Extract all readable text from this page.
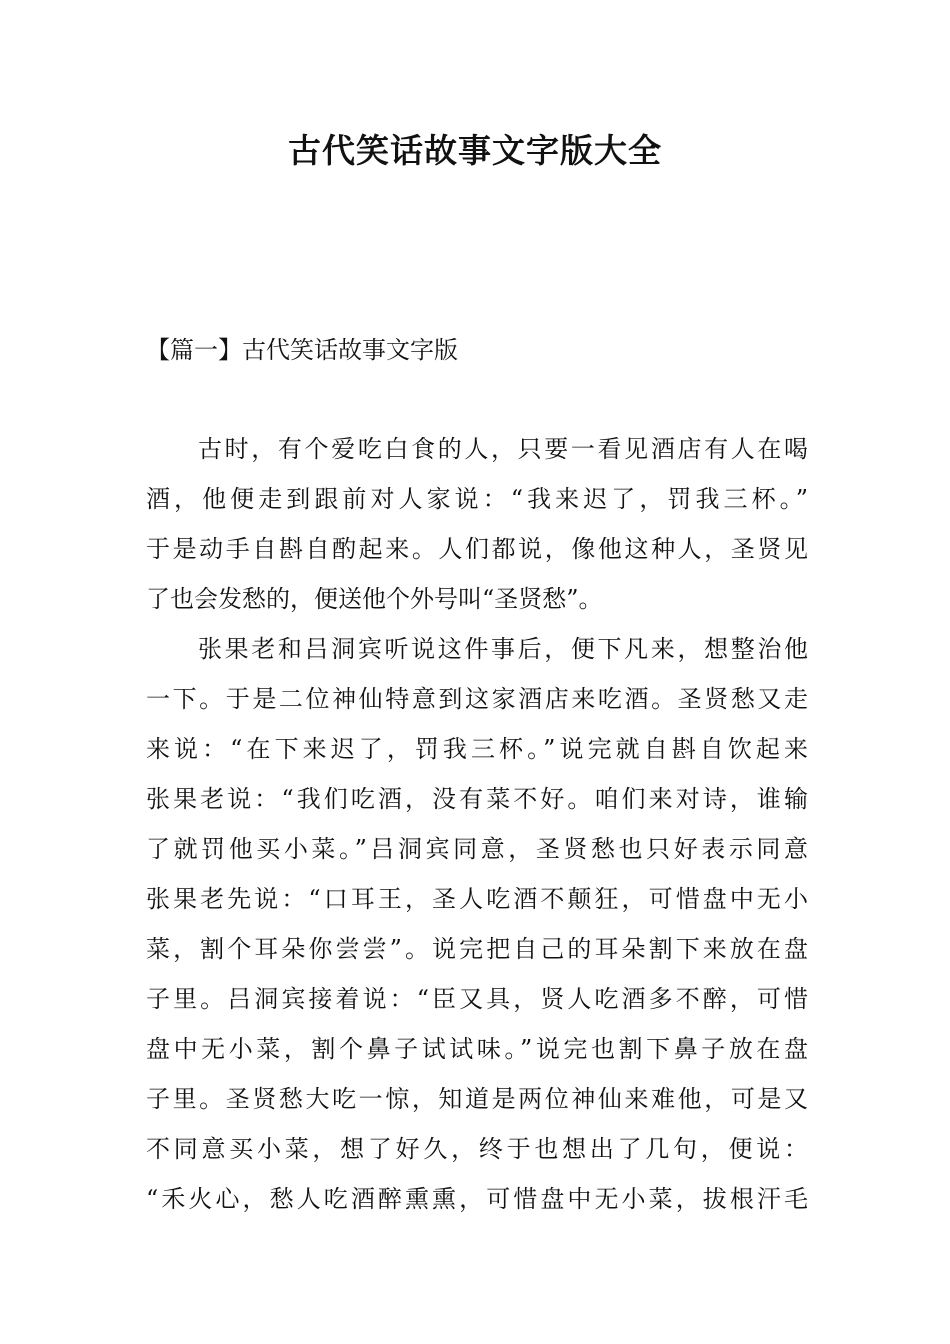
古代笑话故事文字版大全
【篇一】古代笑话故事文字版
古时，有个爱吃白食的人，只要一看见酒店有人在喝
酒，他便走到跟前对人家说：“我来迟了，罚我三杯。”
于是动手自斟自酌起来。人们都说，像他这种人，圣贤见
了也会发愁的，便送他个外号叫“圣贤愁”。
张果老和吕洞宾听说这件事后，便下凡来，想整治他
一下。于是二位神仙特意到这家酒店来吃酒。圣贤愁又走
来说：“在下来迟了，罚我三杯。”说完就自斟自饮起来
张果老说：“我们吃酒，没有菜不好。咱们来对诗，谁输
了就罚他买小菜。”吕洞宾同意，圣贤愁也只好表示同意
张果老先说：“口耳王，圣人吃酒不颠狂，可惜盘中无小
菜，割个耳朵你尝尝”。说完把自己的耳朵割下来放在盘
子里。吕洞宾接着说：“臣又具，贤人吃酒多不醉，可惜
盘中无小菜，割个鼻子试试味。”说完也割下鼻子放在盘
子里。圣贤愁大吃一惊，知道是两位神仙来难他，可是又
不同意买小菜，想了好久，终于也想出了几句，便说：
“禾火心，愁人吃酒醉熏熏，可惜盘中无小菜，拔根汗毛
